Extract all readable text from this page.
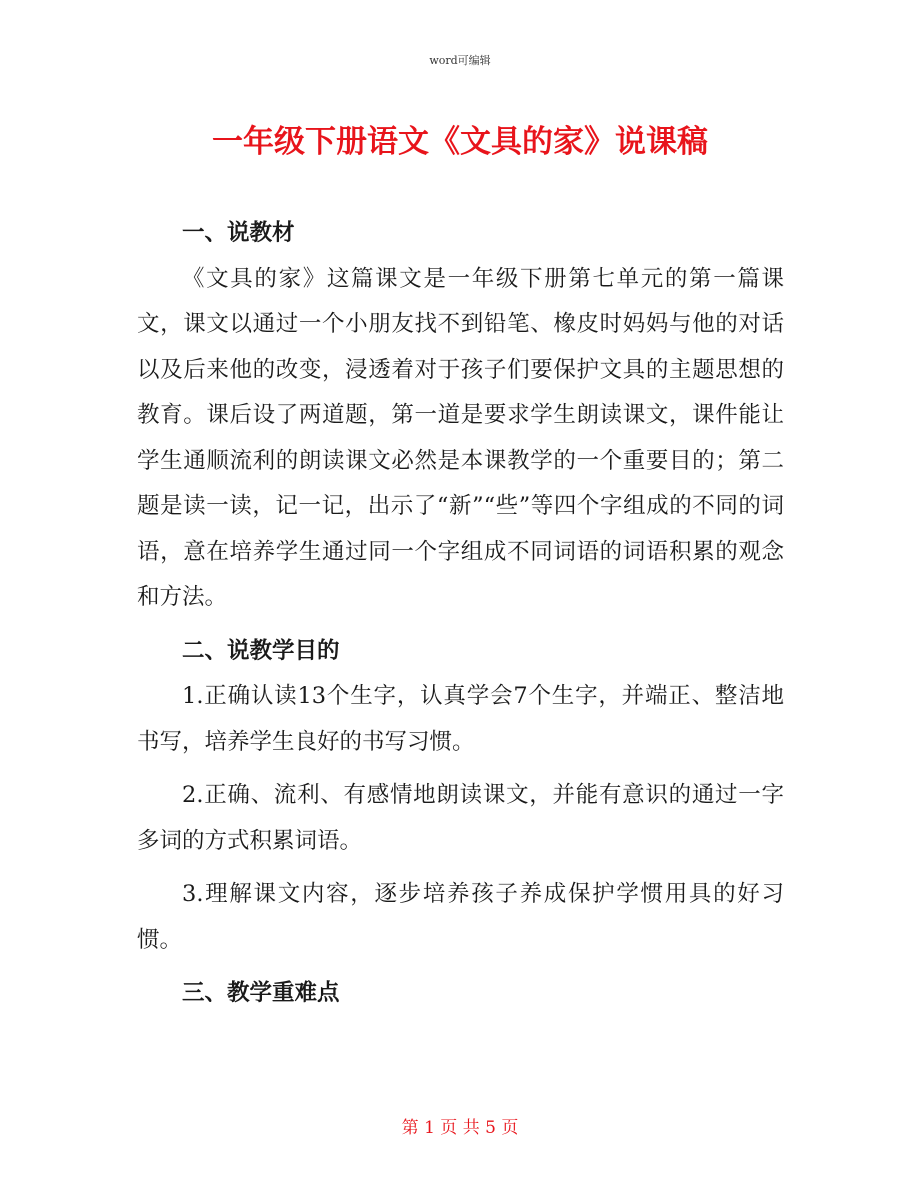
word可编辑
一年级下册语文《文具的家》说课稿
一、说教材

《文具的家》这篇课文是一年级下册第七单元的第一篇课文，课文以通过一个小朋友找不到铅笔、橡皮时妈妈与他的对话以及后来他的改变，浸透着对于孩子们要保护文具的主题思想的教育。课后设了两道题，第一道是要求学生朗读课文，课件能让学生通顺流利的朗读课文必然是本课教学的一个重要目的；第二题是读一读，记一记，出示了“新”“些”等四个字组成的不同的词语，意在培养学生通过同一个字组成不同词语的词语积累的观念和方法。

二、说教学目的

1.正确认读13个生字，认真学会7个生字，并端正、整洁地书写，培养学生良好的书写习惯。

2.正确、流利、有感情地朗读课文，并能有意识的通过一字多词的方式积累词语。

3.理解课文内容，逐步培养孩子养成保护学惯用具的好习惯。

三、教学重难点
第 1 页 共 5 页
